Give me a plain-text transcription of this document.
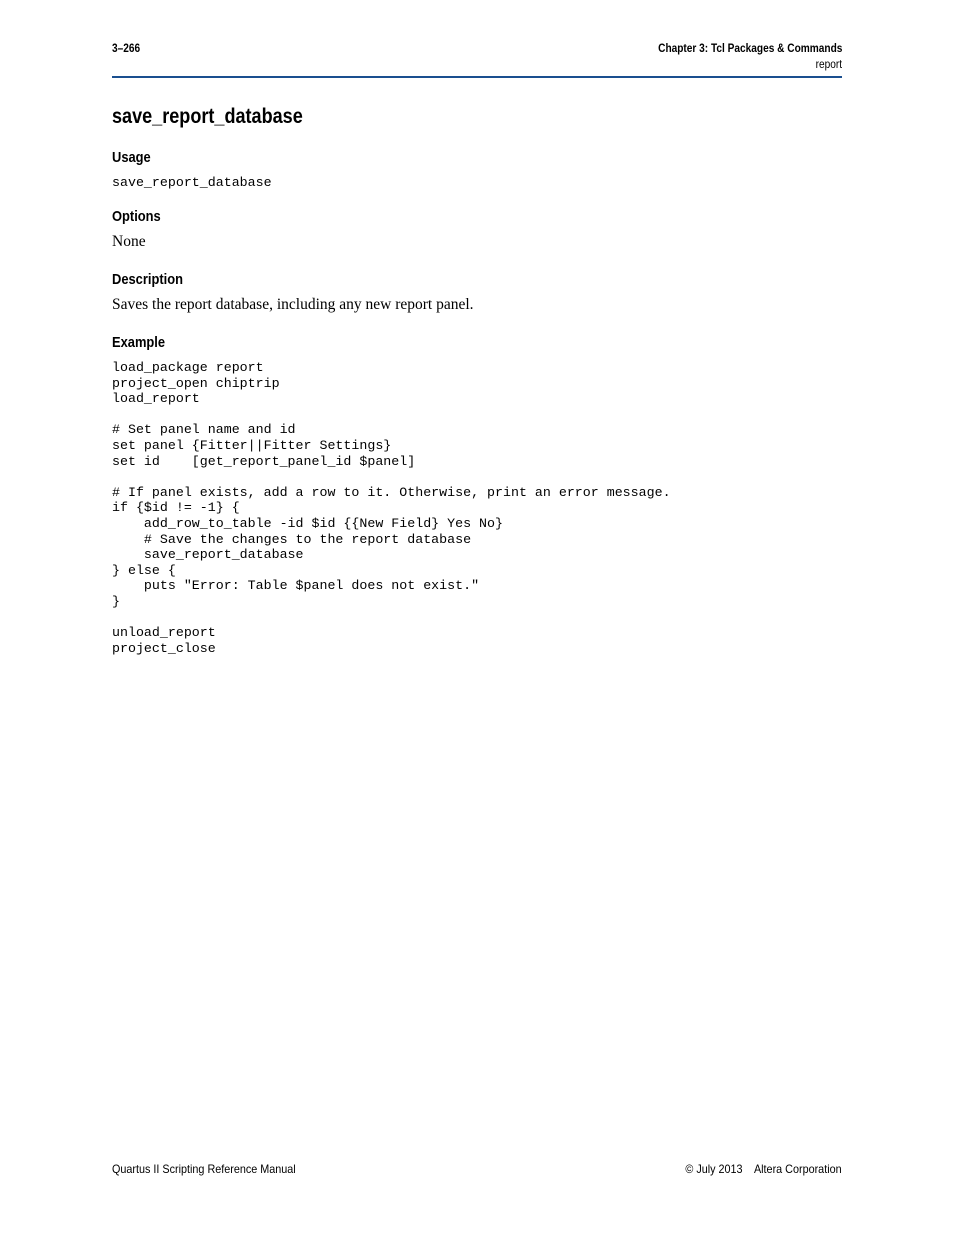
3–266	Chapter 3: Tcl Packages & Commands
report
save_report_database
Usage
save_report_database
Options
None
Description
Saves the report database, including any new report panel.
Example
load_package report
project_open chiptrip
load_report

# Set panel name and id
set panel {Fitter||Fitter Settings}
set id    [get_report_panel_id $panel]

# If panel exists, add a row to it. Otherwise, print an error message.
if {$id != -1} {
add_row_to_table -id $id {{New Field} Yes No}
# Save the changes to the report database
save_report_database
} else {
puts "Error: Table $panel does not exist."
}

unload_report
project_close
Quartus II Scripting Reference Manual	© July 2013    Altera Corporation
